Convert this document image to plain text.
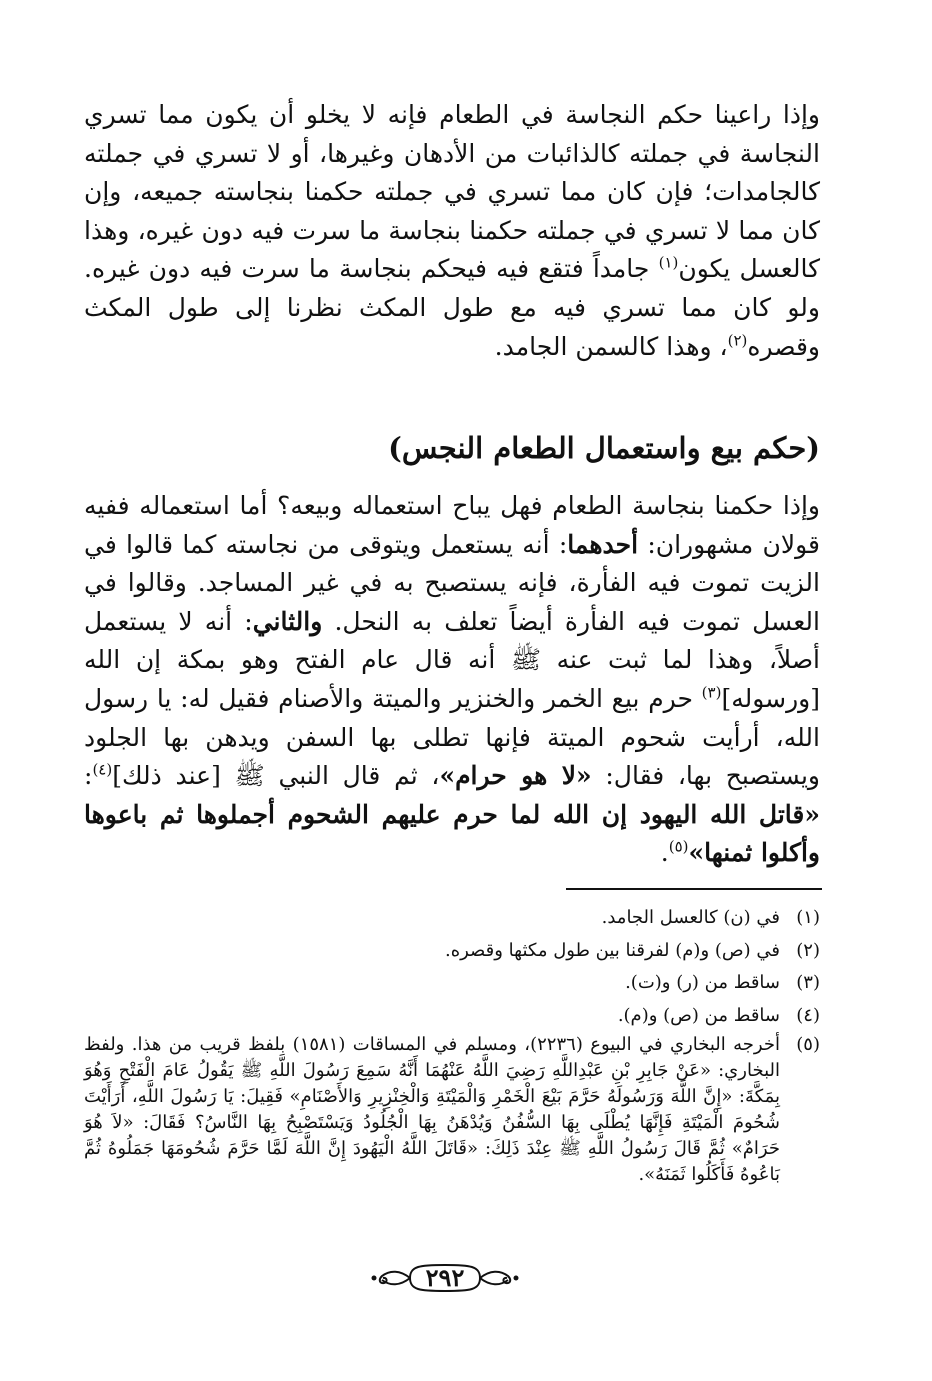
وإذا راعينا حكم النجاسة في الطعام فإنه لا يخلو أن يكون مما تسري النجاسة في جملته كالذائبات من الأدهان وغيرها، أو لا تسري في جملته كالجامدات؛ فإن كان مما تسري في جملته حكمنا بنجاسته جميعه، وإن كان مما لا تسري في جملته حكمنا بنجاسة ما سرت فيه دون غيره، وهذا كالعسل يكون$^{(١)}$ جامداً فتقع فيه فيحكم بنجاسة ما سرت فيه دون غيره. ولو كان مما تسري فيه مع طول المكث نظرنا إلى طول المكث وقصره$^{(٢)}$، وهذا كالسمن الجامد.
(حكم بيع واستعمال الطعام النجس)
وإذا حكمنا بنجاسة الطعام فهل يباح استعماله وبيعه؟ أما استعماله ففيه قولان مشهوران: أحدهما: أنه يستعمل ويتوقى من نجاسته كما قالوا في الزيت تموت فيه الفأرة، فإنه يستصبح به في غير المساجد. وقالوا في العسل تموت فيه الفأرة أيضاً تعلف به النحل. والثاني: أنه لا يستعمل أصلاً، وهذا لما ثبت عنه ﷺ أنه قال عام الفتح وهو بمكة إن الله [ورسوله]$^{(٣)}$ حرم بيع الخمر والخنزير والميتة والأصنام فقيل له: يا رسول الله، أرأيت شحوم الميتة فإنها تطلى بها السفن ويدهن بها الجلود ويستصبح بها، فقال: «لا هو حرام»، ثم قال النبي ﷺ [عند ذلك]$^{(٤)}$: «قاتل الله اليهود إن الله لما حرم عليهم الشحوم أجملوها ثم باعوها وأكلوا ثمنها»$^{(٥)}$.
(١)
في (ن) كالعسل الجامد.
(٢)
في (ص) و(م) لفرقنا بين طول مكثها وقصره.
(٣)
ساقط من (ر) و(ت).
(٤)
ساقط من (ص) و(م).
(٥)
أخرجه البخاري في البيوع (٢٢٣٦)، ومسلم في المساقات (١٥٨١) بلفظ قريب من هذا. ولفظ البخاري: «عَنْ جَابِرِ بْنِ عَبْدِاللَّهِ رَضِيَ اللَّهُ عَنْهُمَا أَنَّهُ سَمِعَ رَسُولَ اللَّهِ ﷺ يَقُولُ عَامَ الْفَتْحِ وَهُوَ بِمَكَّةَ: «إِنَّ اللَّهَ وَرَسُولَهُ حَرَّمَ بَيْعَ الْخَمْرِ وَالْمَيْتَةِ وَالْخِنْزِيرِ وَالأَصْنَامِ» فَقِيلَ: يَا رَسُولَ اللَّهِ، أَرَأَيْتَ شُحُومَ الْمَيْتَةِ فَإِنَّهَا يُطْلَى بِهَا السُّفُنُ وَيُدْهَنُ بِهَا الْجُلُودُ وَيَسْتَصْبِحُ بِهَا النَّاسُ؟ فَقَالَ: «لاَ هُوَ حَرَامٌ» ثُمَّ قَالَ رَسُولُ اللَّهِ ﷺ عِنْدَ ذَلِكَ: «قَاتَلَ اللَّهُ الْيَهُودَ إِنَّ اللَّهَ لَمَّا حَرَّمَ شُحُومَهَا جَمَلُوهُ ثُمَّ بَاعُوهُ فَأَكَلُوا ثَمَنَهُ».
٢٩٢
